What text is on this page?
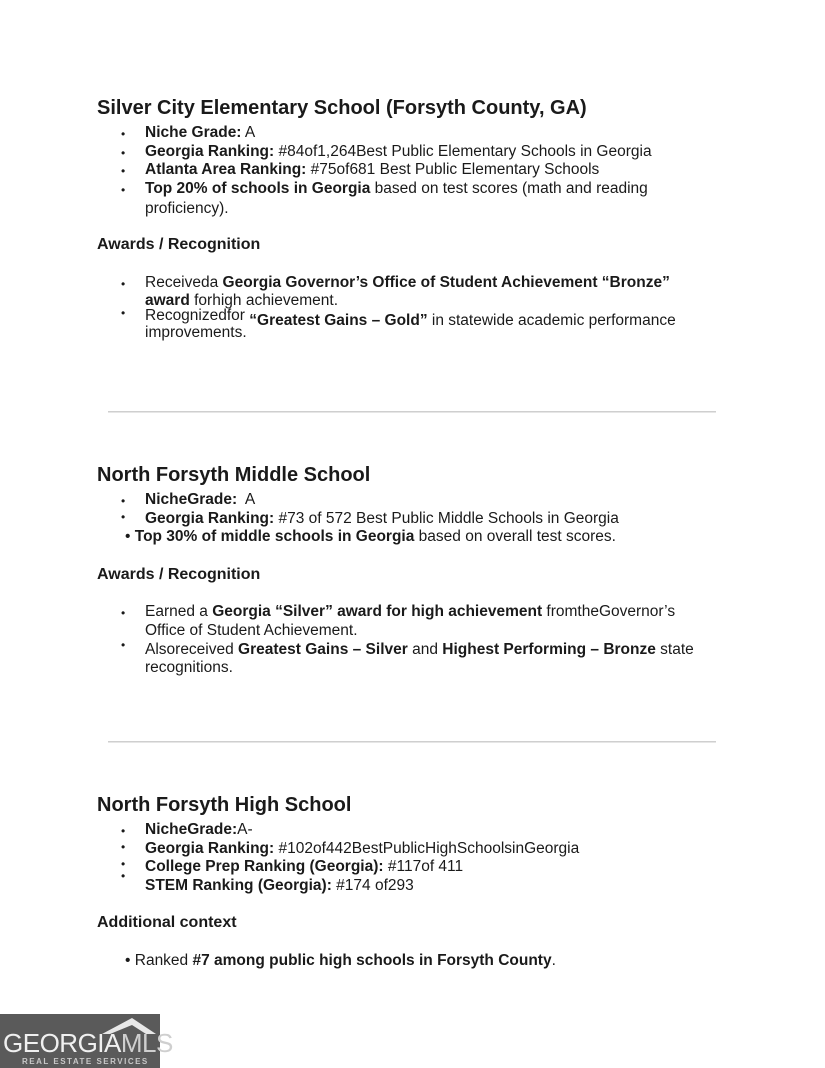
Silver City Elementary School (Forsyth County, GA)
• Niche Grade: A
• Georgia Ranking: #84of1,264Best Public Elementary Schools in Georgia
• Atlanta Area Ranking: #75of681 Best Public Elementary Schools
• Top 20% of schools in Georgia based on test scores (math and reading
proficiency).
Awards / Recognition
• Receiveda Georgia Governor’s Office of Student Achievement “Bronze”
award forhigh achievement.
• Recognizedfor “Greatest Gains – Gold” in statewide academic performance
improvements.
North Forsyth Middle School
• NicheGrade:  A
• Georgia Ranking: #73 of 572 Best Public Middle Schools in Georgia
• Top 30% of middle schools in Georgia based on overall test scores.
Awards / Recognition
• Earned a Georgia “Silver” award for high achievement fromtheGovernor’s
Office of Student Achievement.
• Alsoreceived Greatest Gains – Silver and Highest Performing – Bronze state
recognitions.
North Forsyth High School
• NicheGrade:A-
• Georgia Ranking: #102of442BestPublicHighSchoolsinGeorgia
• College Prep Ranking (Georgia): #117of 411
•
STEM Ranking (Georgia): #174 of293
Additional context
• Ranked #7 among public high schools in Forsyth County.
GEORGIAMLS
REAL ESTATE SERVICES
